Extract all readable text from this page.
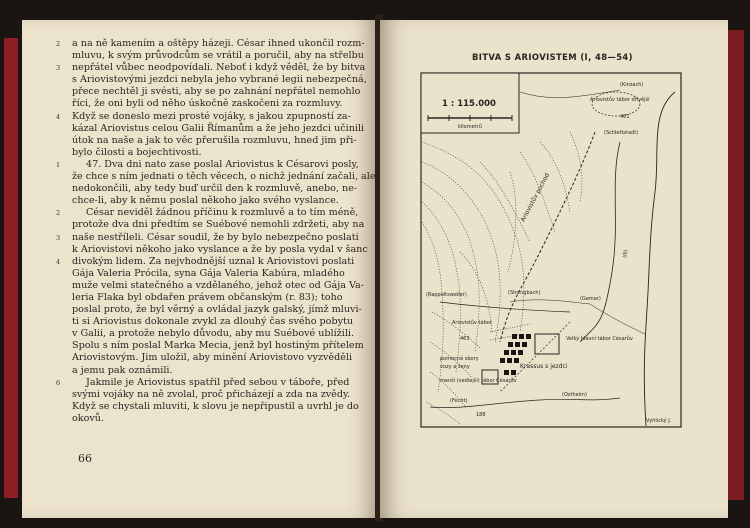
2 a na ně kamením a oštěpy házeji. César ihned ukončil rozm-
mluvu, k svým průvodcům se vrátil a poručil, aby na střelbu
3 nepřátel vůbec neodpovídali. Neboť i když věděl, že by bitva
s Ariovistovými jezdci nebyla jeho vybrané legii nebezpečná,
přece nechtěl ji svésti, aby se po zahnání nepřátel nemohlo
říci, že oni byli od něho úskočně zaskočeni za rozmluvy.
4 Když se doneslo mezi prosté vojáky, s jakou zpupností za-
kázal Ariovistus celou Galii Římanům a že jeho jezdci učinili
útok na naše a jak to věc přerušila rozmluvu, hned jim při-
bylo čilosti a bojechtivosti.
1	47. Dva dni nato zase poslal Ariovistus k Césarovi posly,
že chce s ním jednati o těch věcech, o nichž jednání začali, ale
nedokončili, aby tedy buď určil den k rozmluvě, anebo, ne-
chce-li, aby k němu poslal někoho jako svého vyslance.
2	César neviděl žádnou příčinu k rozmluvě a to tím méně,
protože dva dni předtím se Suébové nemohli zdržeti, aby na
3 naše nestříleli. César soudil, že by bylo nebezpečno poslati
k Ariovistovi někoho jako vyslance a že by posla vydal v šanc
4 divokým lidem. Za nejvhodnější uznal k Ariovistovi poslati
Gája Valeria Prócila, syna Gája Valeria Kabúra, mladého
muže velmi statečného a vzdělaného, jehož otec od Gája Va-
leria Flaka byl obdařen právem občanským (r. 83); toho
poslal proto, že byl věrný a ovládal jazyk galský, jímž mluvi-
ti si Ariovistus dokonale zvykl za dlouhý čas svého pobytu
v Galii, a protože nebylo důvodu, aby mu Suébové ublížili.
Spolu s ním poslal Marka Mecia, jenž byl hostiným přítelem
Ariovistovým. Jim uložil, aby minění Ariovistovo vyzvěděli
a jemu pak oznámili.
6	Jakmile je Ariovistus spatřil před sebou v táboře, před
svými vojáky na ně zvolal, proč přicházejí a zda na zvědy.
Když se chystali mluviti, k slovu je nepřipustil a uvrhl je do
okovů.
66
BITVA S ARIOVISTEM (I, 48—54)
1 : 115.000
kilometrů
Ariovistův tábor dřívější
481
(Kinzach)
(Schlettstadt)
Ariovistův pochod
(Ill)
(Rappoltsweiler)	(Strengbach)
(Gemar)
Velký hlavní tábor Césarův
Ariovistův tábor
463
pomocné sbory
vozy a ženy
menší (vedlejší) tábor Césarův
Krassus s jezdci
(Ostheim)
(Fecht)
188
Vyhlický J.
